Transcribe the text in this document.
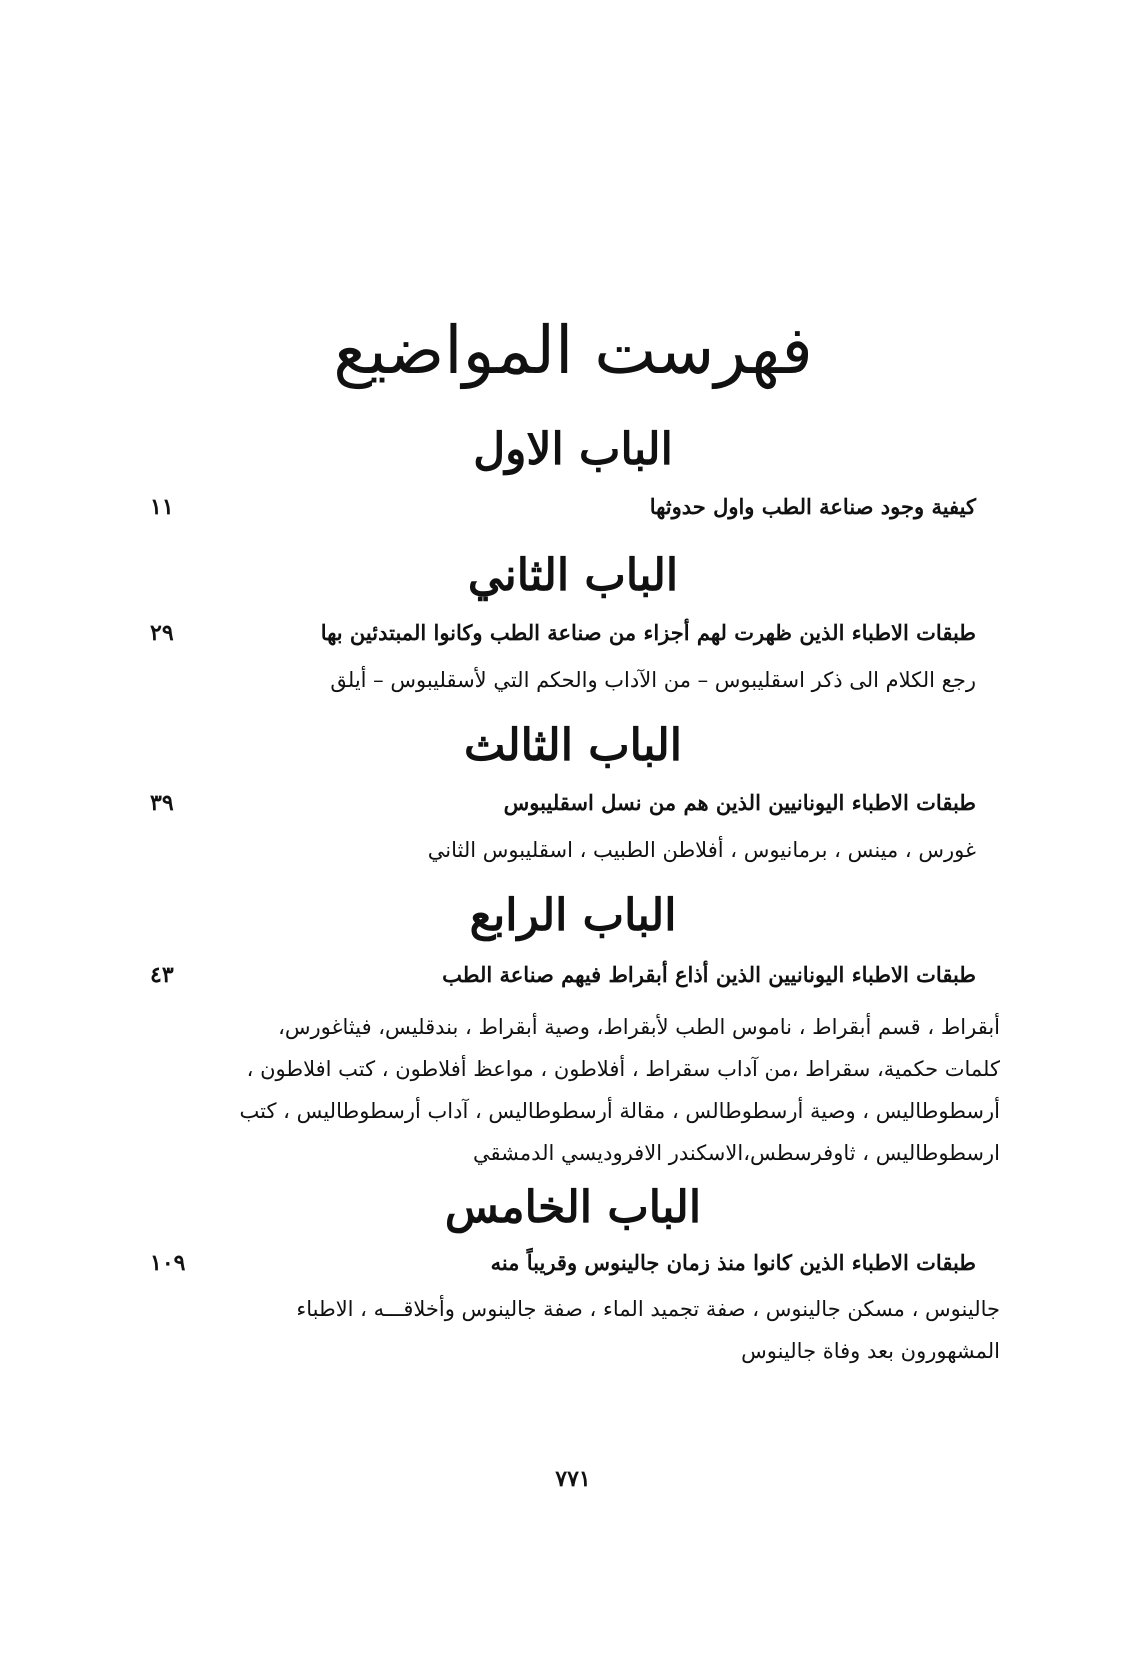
فهرست المواضيع
الباب الاول
كيفية وجود صناعة الطب واول حدوثها
١١
الباب الثاني
طبقات الاطباء الذين ظهرت لهم أجزاء من صناعة الطب وكانوا المبتدئين بها
٢٩
رجع الكلام الى ذكر اسقليبوس – من الآداب والحكم التي لأسقليبوس – أيلق
الباب الثالث
طبقات الاطباء اليونانيين الذين هم من نسل اسقليبوس
٣٩
غورس ، مينس ، برمانيوس ، أفلاطن الطبيب ، اسقليبوس الثاني
الباب الرابع
طبقات الاطباء اليونانيين الذين أذاع أبقراط فيهم صناعة الطب
٤٣
أبقراط ، قسم أبقراط ، ناموس الطب لأبقراط، وصية أبقراط ، بندقليس، فيثاغورس،
كلمات حكمية، سقراط ،من آداب سقراط ، أفلاطون ، مواعظ أفلاطون ، كتب افلاطون ،
أرسطوطاليس ، وصية أرسطوطالس ، مقالة أرسطوطاليس ، آداب أرسطوطاليس ، كتب
ارسطوطاليس ، ثاوفرسطس،الاسكندر الافروديسي الدمشقي
الباب الخامس
طبقات الاطباء الذين كانوا منذ زمان جالينوس وقريباً منه
١٠٩
جالينوس ، مسكن جالينوس ، صفة تجميد الماء ، صفة جالينوس وأخلاقـــه ، الاطباء
المشهورون بعد وفاة جالينوس
٧٧١
